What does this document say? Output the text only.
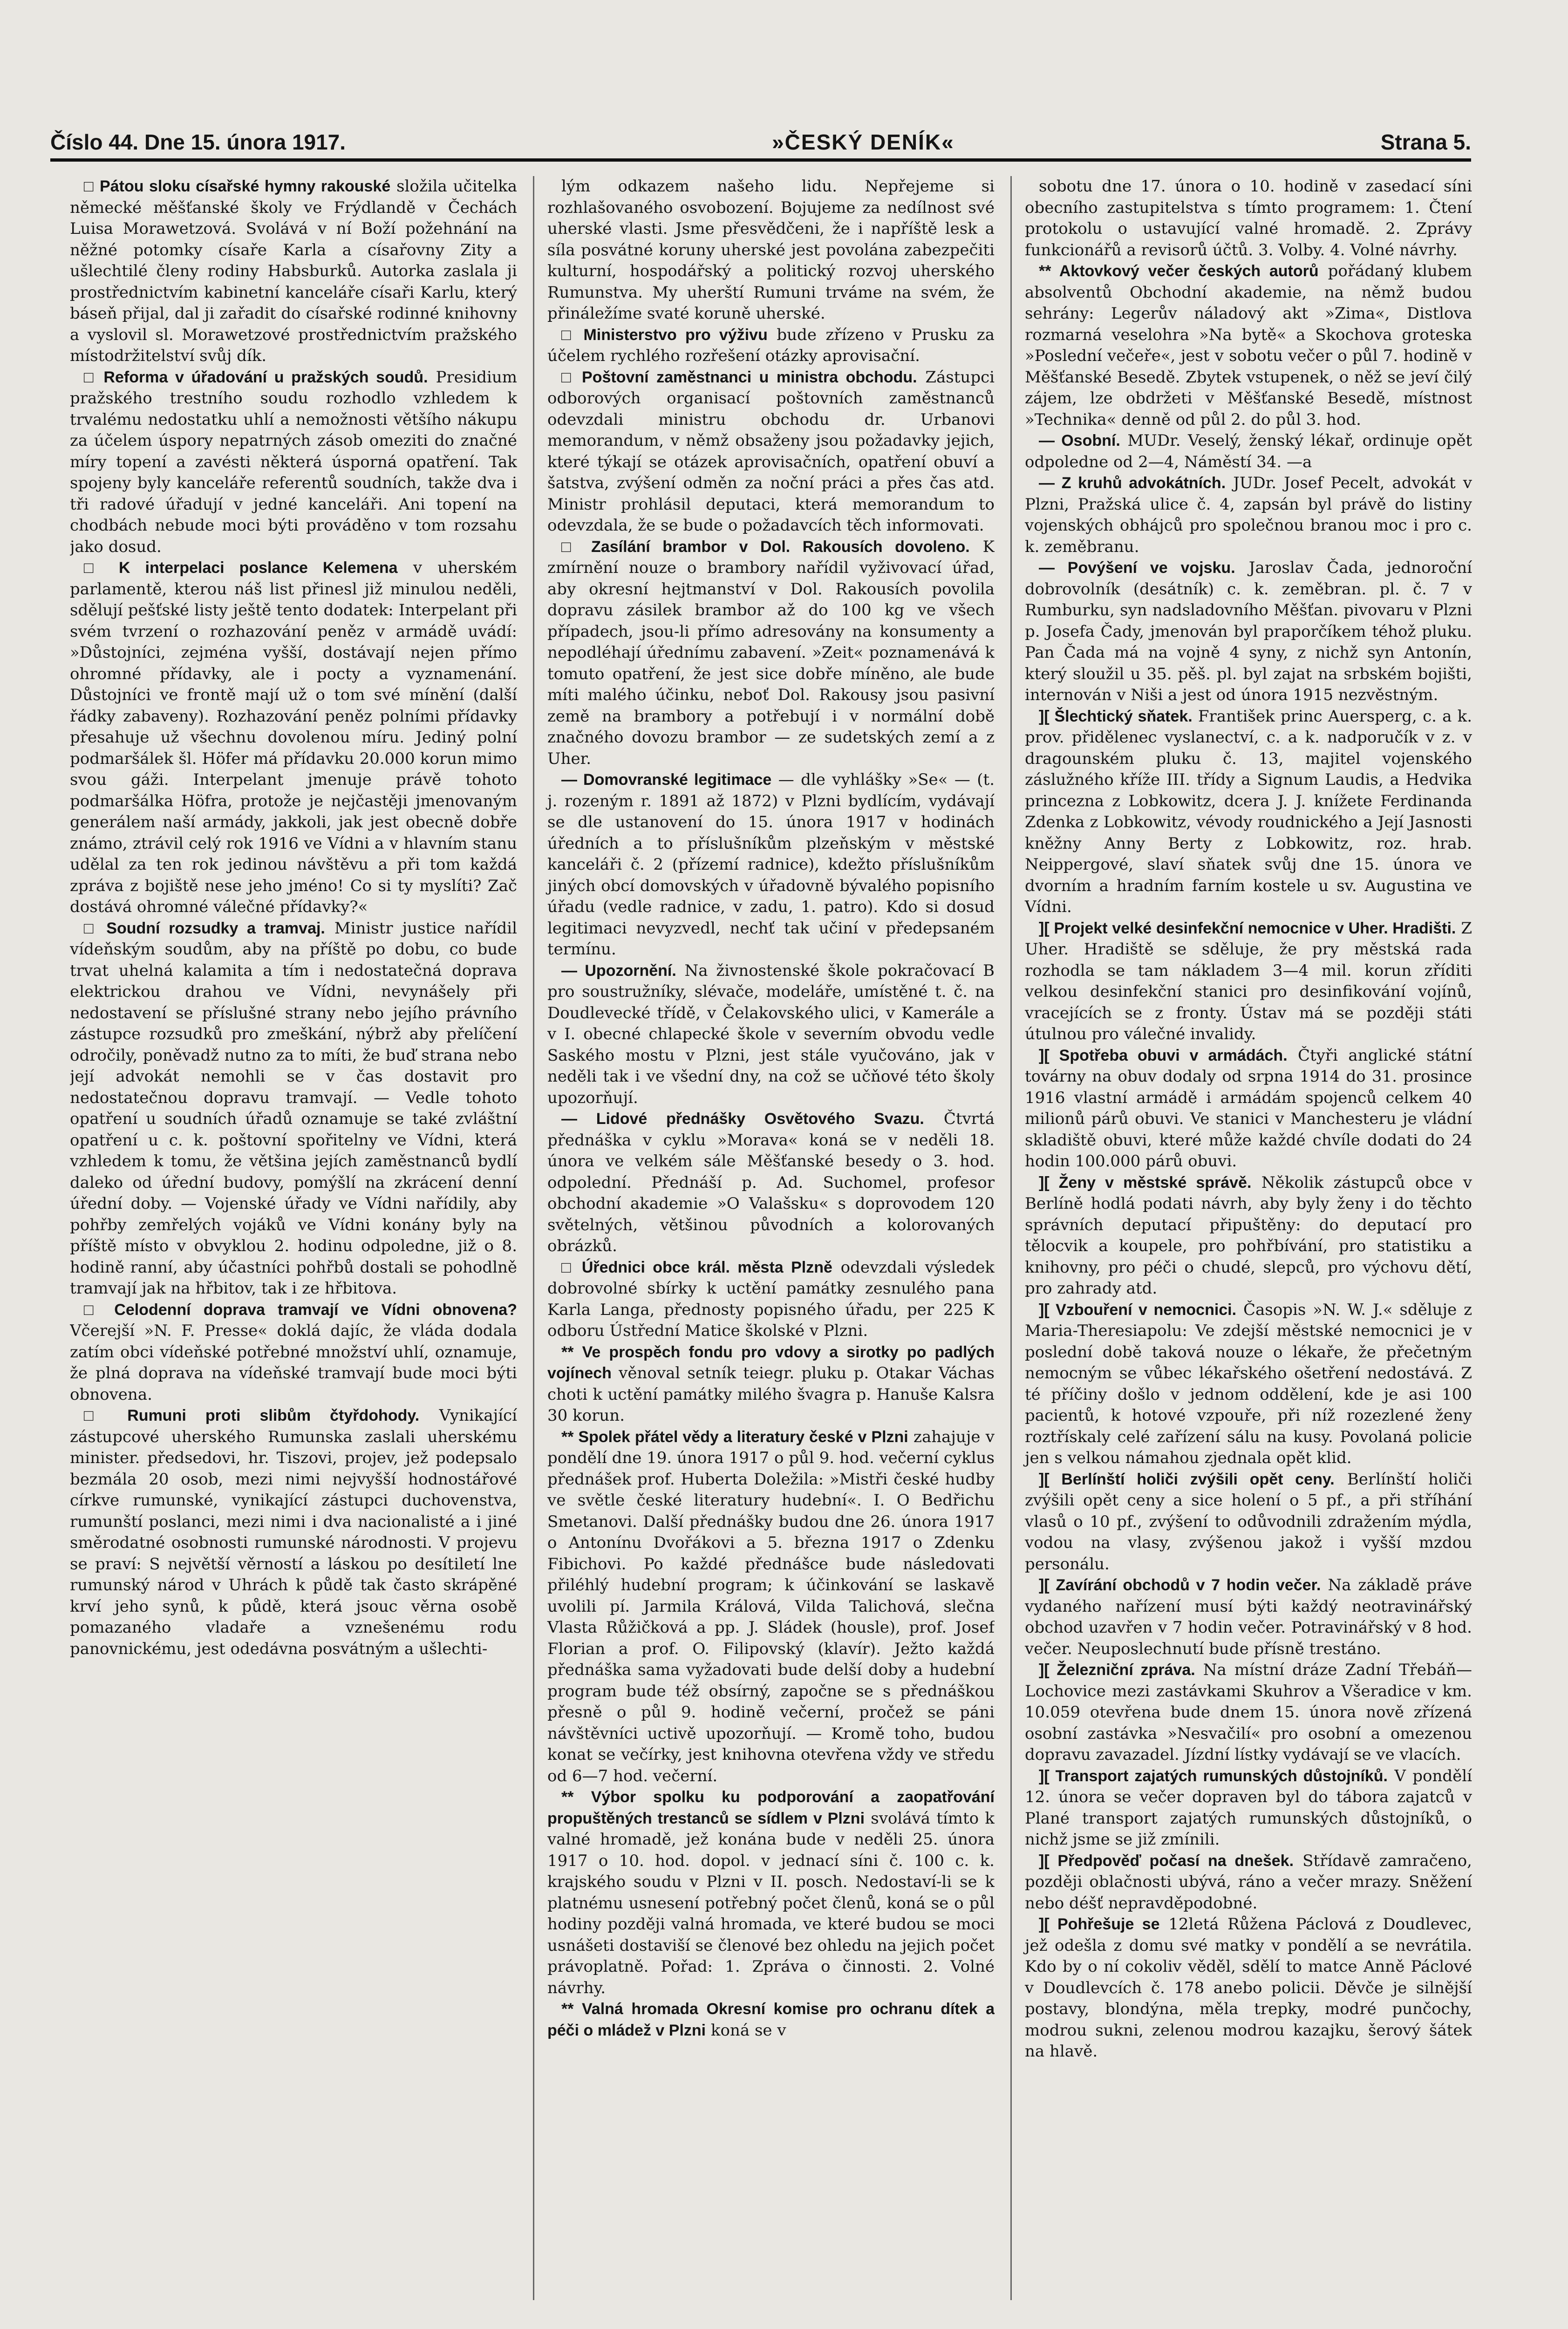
Číslo 44. Dne 15. února 1917.	»ČESKÝ DENÍK«	Strana 5.

□ Pátou sloku císařské hymny rakouské složila učitelka německé měšťanské školy ve Frýdlandě v Čechách Luisa Morawetzová. Svolává v ní Boží požehnání na něžné potomky císaře Karla a císařovny Zity a ušlechtilé členy rodiny Habsburků. Autorka zaslala ji prostřednictvím kabinetní kanceláře císaři Karlu, který báseň přijal, dal ji zařadit do císařské rodinné knihovny a vyslovil sl. Morawetzové prostřednictvím pražského místodržitelství svůj dík.

□ Reforma v úřadování u pražských soudů. Presidium pražského trestního soudu rozhodlo vzhledem k trvalému nedostatku uhlí a nemožnosti většího nákupu za účelem úspory nepatrných zásob omeziti do značné míry topení a zavésti některá úsporná opatření. Tak spojeny byly kanceláře referentů soudních, takže dva i tři radové úřadují v jedné kanceláři. Ani topení na chodbách nebude moci býti prováděno v tom rozsahu jako dosud.

□ K interpelaci poslance Kelemena v uherském parlamentě, kterou náš list přinesl již minulou neděli, sdělují pešťské listy ještě tento dodatek: Interpelant při svém tvrzení o rozhazování peněz v armádě uvádí: »Důstojníci, zejména vyšší, dostávají nejen přímo ohromné přídavky, ale i pocty a vyznamenání. Důstojníci ve frontě mají už o tom své mínění (další řádky zabaveny). Rozhazování peněz polními přídavky přesahuje už všechnu dovolenou míru. Jediný polní podmaršálek šl. Höfer má přídavku 20.000 korun mimo svou gáži. Interpelant jmenuje právě tohoto podmaršálka Höfra, protože je nejčastěji jmenovaným generálem naší armády, jakkoli, jak jest obecně dobře známo, ztrávil celý rok 1916 ve Vídni a v hlavním stanu udělal za ten rok jedinou návštěvu a při tom každá zpráva z bojiště nese jeho jméno! Co si ty myslíti? Zač dostává ohromné válečné přídavky?«

□ Soudní rozsudky a tramvaj. Ministr justice nařídil vídeňským soudům, aby na příště po dobu, co bude trvat uhelná kalamita a tím i nedostatečná doprava elektrickou drahou ve Vídni, nevynášely při nedostavení se příslušné strany nebo jejího právního zástupce rozsudků pro zmeškání, nýbrž aby přelíčení odročily, poněvadž nutno za to míti, že buď strana nebo její advokát nemohli se v čas dostavit pro nedostatečnou dopravu tramvají. — Vedle tohoto opatření u soudních úřadů oznamuje se také zvláštní opatření u c. k. poštovní spořitelny ve Vídni, která vzhledem k tomu, že většina jejích zaměstnanců bydlí daleko od úřední budovy, pomýšlí na zkrácení denní úřední doby. — Vojenské úřady ve Vídni nařídily, aby pohřby zemřelých vojáků ve Vídni konány byly na příště místo v obvyklou 2. hodinu odpoledne, již o 8. hodině ranní, aby účastníci pohřbů dostali se pohodlně tramvají jak na hřbitov, tak i ze hřbitova.

□ Celodenní doprava tramvají ve Vídni obnovena? Včerejší »N. F. Presse« doklá dajíc, že vláda dodala zatím obci vídeňské potřebné množství uhlí, oznamuje, že plná doprava na vídeňské tramvají bude moci býti obnovena.

□ Rumuni proti slibům čtyřdohody. Vynikající zástupcové uherského Rumunska zaslali uherskému minister. předsedovi, hr. Tiszovi, projev, jež podepsalo bezmála 20 osob, mezi nimi nejvyšší hodnostářové církve rumunské, vynikající zástupci duchovenstva, rumunští poslanci, mezi nimi i dva nacionalisté a i jiné směrodatné osobnosti rumunské národnosti. V projevu se praví: S největší věrností a láskou po desítiletí lne rumunský národ v Uhrách k půdě tak často skrápěné krví jeho synů, k půdě, která jsouc věrna osobě pomazaného vladaře a vznešenému rodu panovnickému, jest odedávna posvátným a ušlechti-

lým odkazem našeho lidu. Nepřejeme si rozhlašovaného osvobození. Bojujeme za nedílnost své uherské vlasti. Jsme přesvědčeni, že i napříště lesk a síla posvátné koruny uherské jest povolána zabezpečiti kulturní, hospodářský a politický rozvoj uherského Rumunstva. My uherští Rumuni trváme na svém, že přináležíme svaté koruně uherské.

□ Ministerstvo pro výživu bude zřízeno v Prusku za účelem rychlého rozřešení otázky aprovisační.

□ Poštovní zaměstnanci u ministra obchodu. Zástupci odborových organisací poštovních zaměstnanců odevzdali ministru obchodu dr. Urbanovi memorandum, v němž obsaženy jsou požadavky jejich, které týkají se otázek aprovisačních, opatření obuví a šatstva, zvýšení odměn za noční práci a přes čas atd. Ministr prohlásil deputaci, která memorandum to odevzdala, že se bude o požadavcích těch informovati.

□ Zasílání brambor v Dol. Rakousích dovoleno. K zmírnění nouze o brambory nařídil vyživovací úřad, aby okresní hejtmanství v Dol. Rakousích povolila dopravu zásilek brambor až do 100 kg ve všech případech, jsou-li přímo adresovány na konsumenty a nepodléhají úřednímu zabavení. »Zeit« poznamenává k tomuto opatření, že jest sice dobře míněno, ale bude míti malého účinku, neboť Dol. Rakousy jsou pasivní země na brambory a potřebují i v normální době značného dovozu brambor — ze sudetských zemí a z Uher.

— Domovranské legitimace — dle vyhlášky »Se« — (t. j. rozeným r. 1891 až 1872) v Plzni bydlícím, vydávají se dle ustanovení do 15. února 1917 v hodinách úředních a to příslušníkům plzeňským v městské kanceláři č. 2 (přízemí radnice), kdežto příslušníkům jiných obcí domovských v úřadovně bývalého popisního úřadu (vedle radnice, v zadu, 1. patro). Kdo si dosud legitimaci nevyzvedl, nechť tak učiní v předepsaném termínu.

— Upozornění. Na živnostenské škole pokračovací B pro soustružníky, slévače, modeláře, umístěné t. č. na Doudlevecké třídě, v Čelakovského ulici, v Kamerále a v I. obecné chlapecké škole v severním obvodu vedle Saského mostu v Plzni, jest stále vyučováno, jak v neděli tak i ve všední dny, na což se učňové této školy upozorňují.

— Lidové přednášky Osvětového Svazu. Čtvrtá přednáška v cyklu »Morava« koná se v neděli 18. února ve velkém sále Měšťanské besedy o 3. hod. odpolední. Přednáší p. Ad. Suchomel, profesor obchodní akademie »O Valašsku« s doprovodem 120 světelných, většinou původních a kolorovaných obrázků.

□ Úřednici obce král. města Plzně odevzdali výsledek dobrovolné sbírky k uctění památky zesnulého pana Karla Langa, přednosty popisného úřadu, per 225 K odboru Ústřední Matice školské v Plzni.

** Ve prospěch fondu pro vdovy a sirotky po padlých vojínech věnoval setník teiegr. pluku p. Otakar Váchas choti k uctění památky milého švagra p. Hanuše Kalsra 30 korun.

** Spolek přátel vědy a literatury české v Plzni zahajuje v pondělí dne 19. února 1917 o půl 9. hod. večerní cyklus přednášek prof. Huberta Doležila: »Mistři české hudby ve světle české literatury hudební«. I. O Bedřichu Smetanovi. Další přednášky budou dne 26. února 1917 o Antonínu Dvořákovi a 5. března 1917 o Zdenku Fibichovi. Po každé přednášce bude následovati přiléhlý hudební program; k účinkování se laskavě uvolili pí. Jarmila Králová, Vilda Talichová, slečna Vlasta Růžičková a pp. J. Sládek (housle), prof. Josef Florian a prof. O. Filipovský (klavír). Ježto každá přednáška sama vyžadovati bude delší doby a hudební program bude též obsírný, započne se s přednáškou přesně o půl 9. hodině večerní, pročež se páni návštěvníci uctivě upozorňují. — Kromě toho, budou konat se večírky, jest knihovna otevřena vždy ve středu od 6—7 hod. večerní.

** Výbor spolku ku podporování a zaopatřování propuštěných trestanců se sídlem v Plzni svolává tímto k valné hromadě, jež konána bude v neděli 25. února 1917 o 10. hod. dopol. v jednací síni č. 100 c. k. krajského soudu v Plzni v II. posch. Nedostaví-li se k platnému usnesení potřebný počet členů, koná se o půl hodiny později valná hromada, ve které budou se moci usnášeti dostaviší se členové bez ohledu na jejich počet právoplatně. Pořad: 1. Zpráva o činnosti. 2. Volné návrhy.

** Valná hromada Okresní komise pro ochranu dítek a péči o mládež v Plzni koná se v

sobotu dne 17. února o 10. hodině v zasedací síni obecního zastupitelstva s tímto programem: 1. Čtení protokolu o ustavující valné hromadě. 2. Zprávy funkcionářů a revisorů účtů. 3. Volby. 4. Volné návrhy.

** Aktovkový večer českých autorů pořádaný klubem absolventů Obchodní akademie, na němž budou sehrány: Legerův náladový akt »Zima«, Distlova rozmarná veselohra »Na bytě« a Skochova groteska »Poslední večeře«, jest v sobotu večer o půl 7. hodině v Měšťanské Besedě. Zbytek vstupenek, o něž se jeví čilý zájem, lze obdržeti v Měšťanské Besedě, místnost »Technika« denně od půl 2. do půl 3. hod.

— Osobní. MUDr. Veselý, ženský lékař, ordinuje opět odpoledne od 2—4, Náměstí 34. —a

— Z kruhů advokátních. JUDr. Josef Pecelt, advokát v Plzni, Pražská ulice č. 4, zapsán byl právě do listiny vojenských obhájců pro společnou branou moc i pro c. k. zeměbranu.

— Povýšení ve vojsku. Jaroslav Čada, jednoroční dobrovolník (desátník) c. k. zeměbran. pl. č. 7 v Rumburku, syn nadsladovního Měšťan. pivovaru v Plzni p. Josefa Čady, jmenován byl praporčíkem téhož pluku. Pan Čada má na vojně 4 syny, z nichž syn Antonín, který sloužil u 35. pěš. pl. byl zajat na srbském bojišti, internován v Niši a jest od února 1915 nezvěstným.

][ Šlechtický sňatek. František princ Auersperg, c. a k. prov. přidělenec vyslanectví, c. a k. nadporučík v z. v dragounském pluku č. 13, majitel vojenského záslužného kříže III. třídy a Signum Laudis, a Hedvika princezna z Lobkowitz, dcera J. J. knížete Ferdinanda Zdenka z Lobkowitz, vévody roudnického a Její Jasnosti kněžny Anny Berty z Lobkowitz, roz. hrab. Neippergové, slaví sňatek svůj dne 15. února ve dvorním a hradním farním kostele u sv. Augustina ve Vídni.

][ Projekt velké desinfekční nemocnice v Uher. Hradišti. Z Uher. Hradiště se sděluje, že pry městská rada rozhodla se tam nákladem 3—4 mil. korun zříditi velkou desinfekční stanici pro desinfikování vojínů, vracejících se z fronty. Ústav má se později státi útulnou pro válečné invalidy.

][ Spotřeba obuvi v armádách. Čtyři anglické státní továrny na obuv dodaly od srpna 1914 do 31. prosince 1916 vlastní armádě i armádám spojenců celkem 40 milionů párů obuvi. Ve stanici v Manchesteru je vládní skladiště obuvi, které může každé chvíle dodati do 24 hodin 100.000 párů obuvi.

][ Ženy v městské správě. Několik zástupců obce v Berlíně hodlá podati návrh, aby byly ženy i do těchto správních deputací připuštěny: do deputací pro tělocvik a koupele, pro pohřbívání, pro statistiku a knihovny, pro péči o chudé, slepců, pro výchovu dětí, pro zahrady atd.

][ Vzbouření v nemocnici. Časopis »N. W. J.« sděluje z Maria-Theresiapolu: Ve zdejší městské nemocnici je v poslední době taková nouze o lékaře, že přečetným nemocným se vůbec lékařského ošetření nedostává. Z té příčiny došlo v jednom oddělení, kde je asi 100 pacientů, k hotové vzpouře, při níž rozezlené ženy roztřískaly celé zařízení sálu na kusy. Povolaná policie jen s velkou námahou zjednala opět klid.

][ Berlínští holiči zvýšili opět ceny. Berlínští holiči zvýšili opět ceny a sice holení o 5 pf., a při stříhání vlasů o 10 pf., zvýšení to odůvodnili zdražením mýdla, vodou na vlasy, zvýšenou jakož i vyšší mzdou personálu.

][ Zavírání obchodů v 7 hodin večer. Na základě práve vydaného nařízení musí býti každý neotravinářský obchod uzavřen v 7 hodin večer. Potravinářský v 8 hod. večer. Neuposlechnutí bude přísně trestáno.

][ Železniční zpráva. Na místní dráze Zadní Třebáň—Lochovice mezi zastávkami Skuhrov a Všeradice v km. 10.059 otevřena bude dnem 15. února nově zřízená osobní zastávka »Nesvačilí« pro osobní a omezenou dopravu zavazadel. Jízdní lístky vydávají se ve vlacích.

][ Transport zajatých rumunských důstojníků. V pondělí 12. února se večer dopraven byl do tábora zajatců v Plané transport zajatých rumunských důstojníků, o nichž jsme se již zmínili.

][ Předpověď počasí na dnešek. Střídavě zamračeno, později oblačnosti ubývá, ráno a večer mrazy. Sněžení nebo déšť nepravděpodobné.

][ Pohřešuje se 12letá Růžena Páclová z Doudlevec, jež odešla z domu své matky v pondělí a se nevrátila. Kdo by o ní cokoliv věděl, sdělí to matce Anně Páclové v Doudlevcích č. 178 anebo policii. Děvče je silnější postavy, blondýna, měla trepky, modré punčochy, modrou sukni, zelenou modrou kazajku, šerový šátek na hlavě.
